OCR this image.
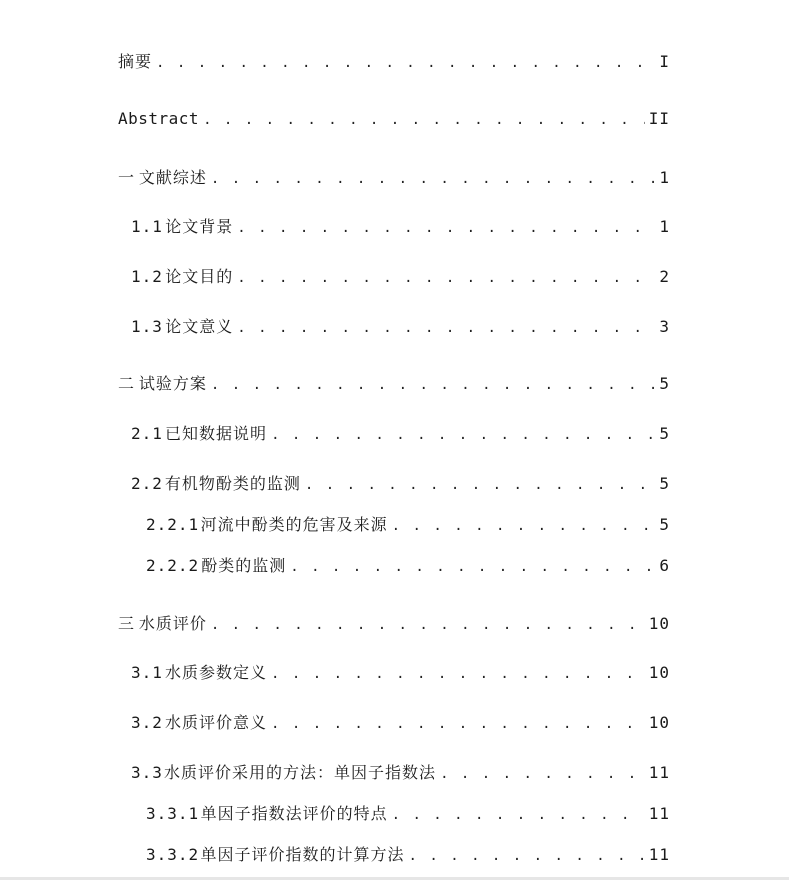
摘要 . . .	I
Abstract . . .	II
一 文献综述 . . .	1
1.1 论文背景 . . .	1
1.2 论文目的 . . .	2
1.3 论文意义 . . .	3
二 试验方案 . . .	5
2.1 已知数据说明 . . .	5
2.2 有机物酚类的监测 . . .	5
2.2.1 河流中酚类的危害及来源 . . .	5
2.2.2 酚类的监测 . . .	6
三 水质评价 . . .	10
3.1 水质参数定义 . . .	10
3.2 水质评价意义 . . .	10
3.3 水质评价采用的方法：单因子指数法 . . .	11
3.3.1 单因子指数法评价的特点 . . .	11
3.3.2 单因子评价指数的计算方法 . . .	11
